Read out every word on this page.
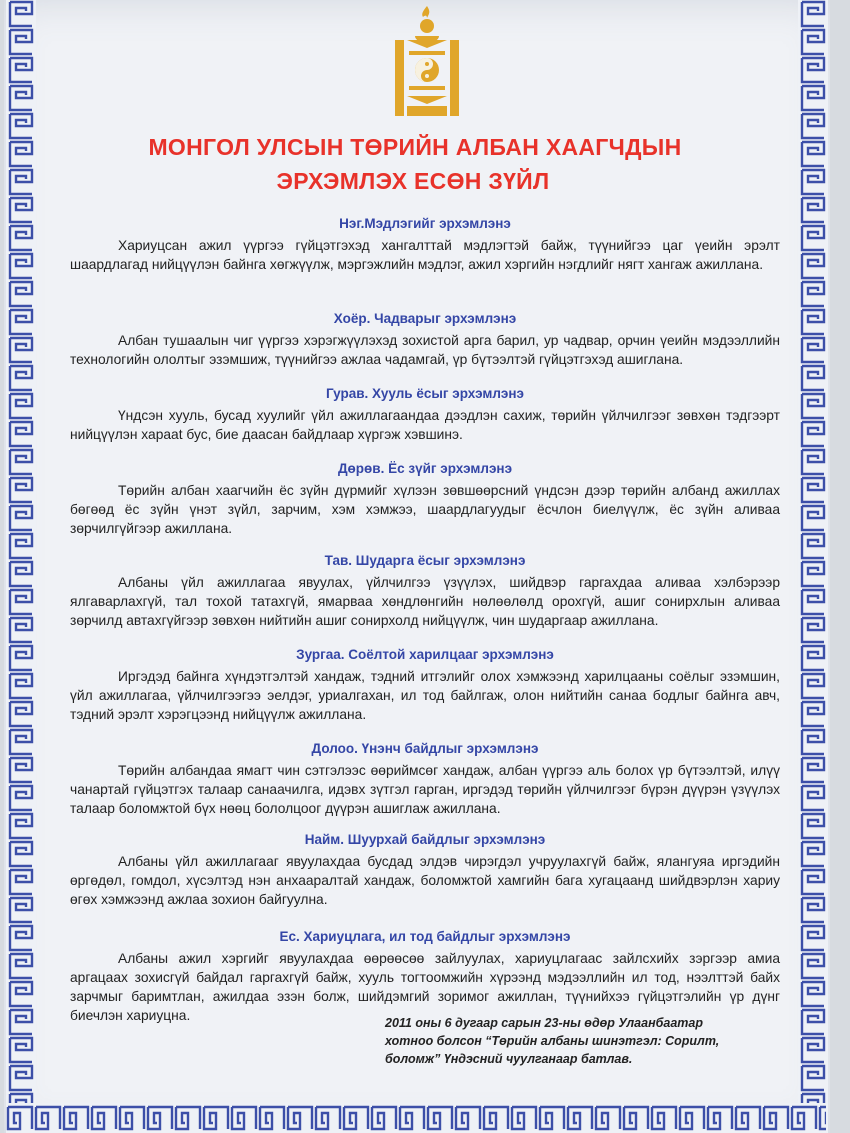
МОНГОЛ УЛСЫН ТӨРИЙН АЛБАН ХААГЧДЫН
ЭРХЭМЛЭХ ЕСӨН ЗҮЙЛ

Нэг.Мэдлэгийг эрхэмлэнэ

Хариуцсан ажил үүргээ гүйцэтгэхэд хангалттай мэдлэгтэй байж, түүнийгээ цаг үеийн эрэлт шаардлагад нийцүүлэн байнга хөгжүүлж, мэргэжлийн мэдлэг, ажил хэргийн нэгдлийг нягт хангаж ажиллана.

Хоёр. Чадварыг эрхэмлэнэ

Албан тушаалын чиг үүргээ хэрэгжүүлэхэд зохистой арга барил, ур чадвар, орчин үеийн мэдээллийн технологийн ололтыг эзэмшиж, түүнийгээ ажлаа чадамгай, үр бүтээлтэй гүйцэтгэхэд ашиглана.

Гурав. Хууль ёсыг эрхэмлэнэ

Үндсэн хууль, бусад хуулийг үйл ажиллагаандаа дээдлэн сахиж, төрийн үйлчилгээг зөвхөн тэдгээрт нийцүүлэн харааt бус, бие даасан байдлаар хүргэж хэвшинэ.

Дөрөв. Ёс зүйг эрхэмлэнэ

Төрийн албан хаагчийн ёс зүйн дүрмийг хүлээн зөвшөөрсний үндсэн дээр төрийн албанд ажиллах бөгөөд ёс зүйн үнэт зүйл, зарчим, хэм хэмжээ, шаардлагуудыг ёсчлон биелүүлж, ёс зүйн аливаа зөрчилгүйгээр ажиллана.

Тав. Шударга ёсыг эрхэмлэнэ

Албаны үйл ажиллагаа явуулах, үйлчилгээ үзүүлэх, шийдвэр гаргахдаа аливаа хэлбэрээр ялгаварлахгүй, тал тохой татахгүй, ямарваа хөндлөнгийн нөлөөлөлд орохгүй, ашиг сонирхлын аливаа зөрчилд автахгүйгээр зөвхөн нийтийн ашиг сонирхолд нийцүүлж, чин шударгаар ажиллана.

Зургаа. Соёлтой харилцааг эрхэмлэнэ

Иргэдэд байнга хүндэтгэлтэй хандаж, тэдний итгэлийг олох хэмжээнд харилцааны соёлыг эзэмшин, үйл ажиллагаа, үйлчилгээгээ эелдэг, уриалгахан, ил тод байлгаж, олон нийтийн санаа бодлыг байнга авч, тэдний эрэлт хэрэгцээнд нийцүүлж ажиллана.

Долоо. Үнэнч байдлыг эрхэмлэнэ

Төрийн албандаа ямагт чин сэтгэлээс өөриймсөг хандаж, албан үүргээ аль болох үр бүтээлтэй, илүү чанартай гүйцэтгэх талаар санаачилга, идэвх зүтгэл гарган, иргэдэд төрийн үйлчилгээг бүрэн дүүрэн үзүүлэх талаар боломжтой бүх нөөц бололцоог дүүрэн ашиглаж ажиллана.

Найм. Шуурхай байдлыг эрхэмлэнэ

Албаны үйл ажиллагааг явуулахдаа бусдад элдэв чирэгдэл учруулахгүй байж, ялангуяа иргэдийн өргөдөл, гомдол, хүсэлтэд нэн анхааралтай хандаж, боломжтой хамгийн бага хугацаанд шийдвэрлэн хариу өгөх хэмжээнд ажлаа зохион байгуулна.

Ес. Хариуцлага, ил тод байдлыг эрхэмлэнэ

Албаны ажил хэргийг явуулахдаа өөрөөсөө зайлуулах, хариуцлагаас зайлсхийх зэргээр амиа аргацаах зохисгүй байдал гаргахгүй байж, хууль тогтоомжийн хүрээнд мэдээллийн ил тод, нээлттэй байх зарчмыг баримтлан, ажилдаа эзэн болж, шийдэмгий зоримог ажиллан, түүнийхээ гүйцэтгэлийн үр дүнг биечлэн хариуцна.	2011 оны 6 дугаар сарын 23-ны өдөр Улаанбаатар
хотноо болсон “Төрийн албаны шинэтгэл: Сорилт,
боломж” Үндэсний чуулганаар батлав.
